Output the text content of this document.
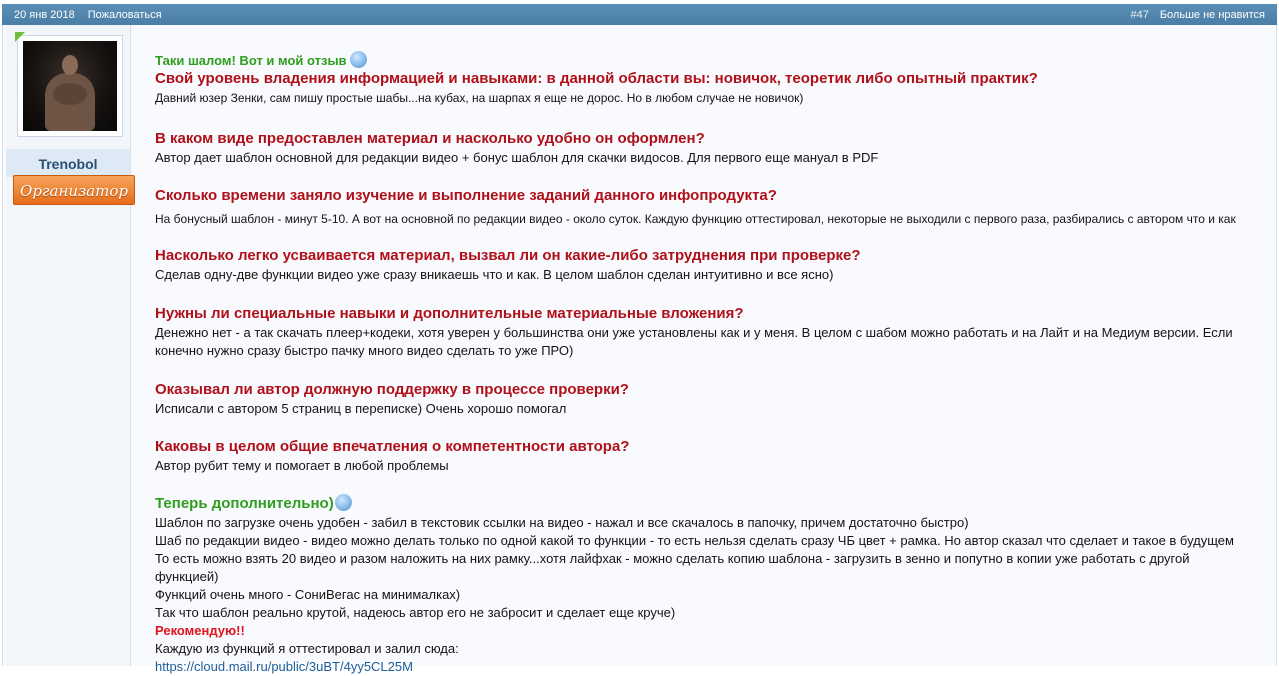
20 янв 2018 Пожаловаться	#47 Больше не нравится
Trenobol
Организатор
Таки шалом! Вот и мой отзыв
Свой уровень владения информацией и навыками: в данной области вы: новичок, теоретик либо опытный практик?
Давний юзер Зенки, сам пишу простые шабы...на кубах, на шарпах я еще не дорос. Но в любом случае не новичок)
В каком виде предоставлен материал и насколько удобно он оформлен?
Автор дает шаблон основной для редакции видео + бонус шаблон для скачки видосов. Для первого еще мануал в PDF
Сколько времени заняло изучение и выполнение заданий данного инфопродукта?
На бонусный шаблон - минут 5-10. А вот на основной по редакции видео - около суток. Каждую функцию оттестировал, некоторые не выходили с первого раза, разбирались с автором что и как
Насколько легко усваивается материал, вызвал ли он какие-либо затруднения при проверке?
Сделав одну-две функции видео уже сразу вникаешь что и как. В целом шаблон сделан интуитивно и все ясно)
Нужны ли специальные навыки и дополнительные материальные вложения?
Денежно нет - а так скачать плеер+кодеки, хотя уверен у большинства они уже установлены как и у меня. В целом с шабом можно работать и на Лайт и на Медиум версии. Если конечно нужно сразу быстро пачку много видео сделать то уже ПРО)
Оказывал ли автор должную поддержку в процессе проверки?
Исписали с автором 5 страниц в переписке) Очень хорошо помогал
Каковы в целом общие впечатления о компетентности автора?
Автор рубит тему и помогает в любой проблемы
Теперь дополнительно)
Шаблон по загрузке очень удобен - забил в текстовик ссылки на видео - нажал и все скачалось в папочку, причем достаточно быстро)
Шаб по редакции видео - видео можно делать только по одной какой то функции - то есть нельзя сделать сразу ЧБ цвет + рамка. Но автор сказал что сделает и такое в будущем
То есть можно взять 20 видео и разом наложить на них рамку...хотя лайфхак - можно сделать копию шаблона - загрузить в зенно и попутно в копии уже работать с другой функцией)
Функций очень много - СониВегас на минималках)
Так что шаблон реально крутой, надеюсь автор его не забросит и сделает еще круче)
Рекомендую!!
Каждую из функций я оттестировал и залил сюда:
https://cloud.mail.ru/public/3uBT/4yy5CL25M
